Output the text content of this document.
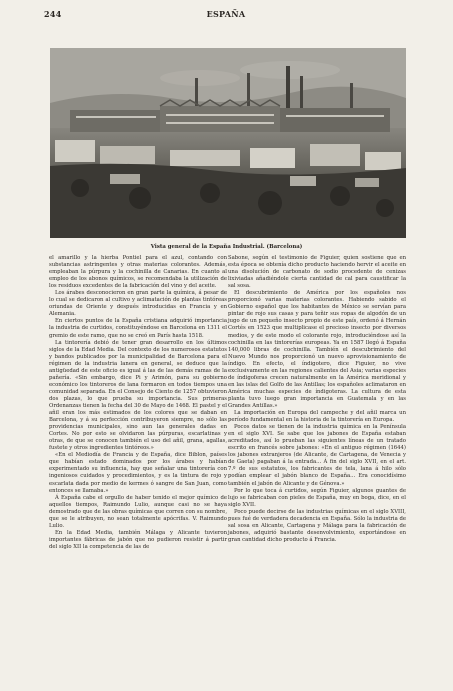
244	ESPAÑA
Vista general de la España Industrial. (Barcelona)

el amarillo y la hierba Pontiel para el azul, contando con substancias astringentes y otras materias colorantes. Además, empleaban la púrpura y la cochinilla de Canarias. En cuanto al empleo de los abonos químicos, se recomendaba la utilización de los residuos excedentes de la fabricación del vino y del aceite.

Los árabes desconocieron en gran parte la química, á pesar de lo cual se dedicaron al cultivo y aclimatación de plantas tintóreas oriundas de Oriente y después introducidas en Francia y en Alemania.

En ciertos puntos de la España cristiana adquirió importancia la industria de curtidos, constituyéndose en Barcelona en 1311 el gremio de este ramo, que no se creó en París hasta 1518.

La tintorería debió de tener gran desarrollo en los últimos siglos de la Edad Media. Del contexto de los numerosos estatutos y bandos publicados por la municipalidad de Barcelona para el régimen de la industria lanera en general, se deduce que la antigüedad de este oficio es igual á las de las demás ramas de la pañería. «Sin embargo, dice Pi y Arimón, para su gobierno económico los tintoreros de lana formaron en todos tiempos una comunidad separada. En el Consejo de Ciento de 1257 obtuvieron dos plazas, lo que prueba su importancia. Sus primeras Ordenanzas tienen la fecha del 30 de Mayo de 1468. El pastel y el añil eran los más estimados de los colores que se daban en Barcelona, y á su perfección contribuyeron siempre, no sólo las providencias municipales, sino aun las generales dadas en Cortes. No por esto se olvidaron las púrpuras, escarlatinas y otras, de que se conocen también el uso del añil, grana, agallas, fustete y otros ingredientes tintóreos.»

«En el Mediodía de Francia y de España, dice Biblon, países que habían estado dominados por los árabes y habían experimentado su influencia, hay que señalar una tintorería con ingeniosos cuidados y procedimientos, y es la tintura de rojo y escarlata dada por medio de kermes ó sangre de San Juan, como entonces se llamaba.»

Á España cabe el orgullo de haber tenido el mejor químico de aquellos tiempos, Raimundo Lulio, aunque casi no se haya demostrado que de las obras químicas que corren con su nombre, que se le atribuyen, no sean totalmente apócrifas. V. Raimundo Lulio.

En la Edad Media, también Málaga y Alicante tuvieron importantes fábricas de jabón que no pudieron resistir á partir del siglo XII la competencia de las de

Sabone, según el testimonio de Figuier, quien sostiene que en esta época se obtenía dicho producto haciendo hervir el aceite en una disolución de carbonato de sodio procedente de cenizas lixiviadas añadiéndole cierta cantidad de cal para caustificar la sal sosa.

El descubrimiento de América por los españoles nos proporcionó varias materias colorantes. Habiendo sabido el Gobierno español que los habitantes de México se servían para pintar de rojo sus casas y para teñir sus ropas de algodón de un jugo de un pequeño insecto propio de este país, ordenó á Hernán Cortés en 1523 que multiplicase el precioso insecto por diversos medios, y de este modo el colorante rojo, introduciéndose así la cochinilla en las tintorerías europeas. Ya en 1587 llegó á España 140,000 libras de cochinilla. También el descubrimiento del Nuevo Mundo nos proporcionó un nuevo aprovisionamiento de índigo. En efecto, el índigotero, dice Figuier, no vive exclusivamente en las regiones calientes del Asia; varias especies de índigoferas crecen naturalmente en la América meridional y en las islas del Golfo de las Antillas; los españoles aclimataron en América muchas especies de índigoteras. La cultura de esta planta tuvo luego gran importancia en Guatemala y en las Grandes Antillas.»

La importación en Europa del campeche y del añil marca un período fundamental en la historia de la tintorería en Europa.

Pocos datos se tienen de la industria química en la Península en el siglo XVI. Se sabe que los jabones de España estaban acreditados, así lo prueban las siguientes líneas de un tratado escrito en francés sobre jabones: «En el antiguo régimen (1644) los jabones extranjeros (de Alicante, de Cartagena, de Venecia y de Gaeta) pagaban á la entrada... Á fin del siglo XVII, en el art. 7.º de sus estatutos, los fabricantes de tela, lana á hilo sólo podían emplear el jabón blanco de España... Era conocidísimo también el jabón de Alicante y de Génova.»

Por lo que toca á curtidos, según Figuier, algunos guantes de lujo se fabricaban con pieles de España, muy en boga, dice, en el siglo XVII.

Poco puede decirse de las industrias químicas en el siglo XVIII, pues fué de verdadera decadencia en España. Sólo la industria de sal sosa en Alicante, Cartagena y Málaga para la fabricación de jabones, adquirió bastante desenvolvimiento, exportándose en gran cantidad dicho producto á Francia.
